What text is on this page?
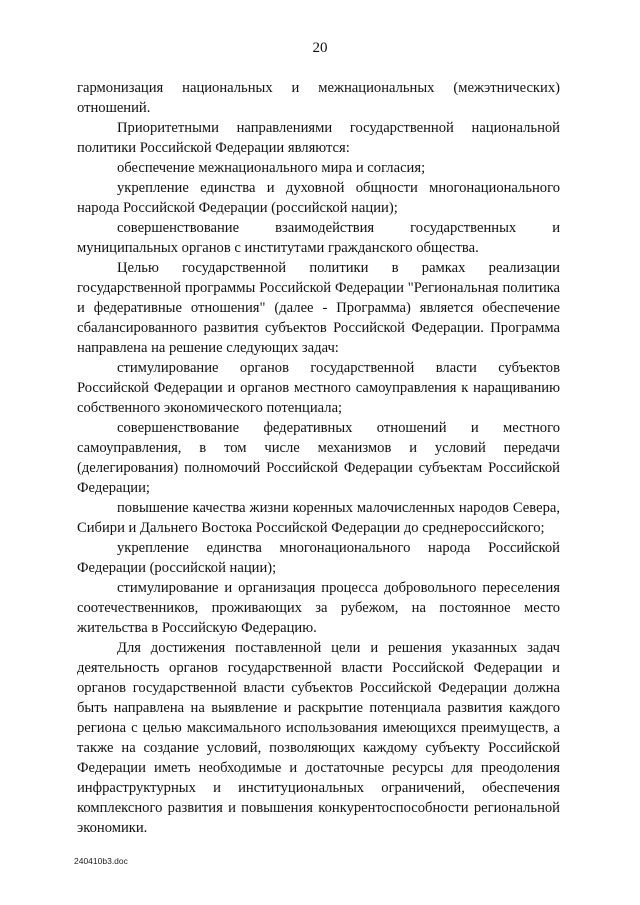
20

гармонизация национальных и межнациональных (межэтнических) отношений.

Приоритетными направлениями государственной национальной политики Российской Федерации являются:

обеспечение межнационального мира и согласия;

укрепление единства и духовной общности многонационального народа Российской Федерации (российской нации);

совершенствование взаимодействия государственных и муниципальных органов с институтами гражданского общества.

Целью государственной политики в рамках реализации государственной программы Российской Федерации "Региональная политика и федеративные отношения" (далее - Программа) является обеспечение сбалансированного развития субъектов Российской Федерации. Программа направлена на решение следующих задач:

стимулирование органов государственной власти субъектов Российской Федерации и органов местного самоуправления к наращиванию собственного экономического потенциала;

совершенствование федеративных отношений и местного самоуправления, в том числе механизмов и условий передачи (делегирования) полномочий Российской Федерации субъектам Российской Федерации;

повышение качества жизни коренных малочисленных народов Севера, Сибири и Дальнего Востока Российской Федерации до среднероссийского;

укрепление единства многонационального народа Российской Федерации (российской нации);

стимулирование и организация процесса добровольного переселения соотечественников, проживающих за рубежом, на постоянное место жительства в Российскую Федерацию.

Для достижения поставленной цели и решения указанных задач деятельность органов государственной власти Российской Федерации и органов государственной власти субъектов Российской Федерации должна быть направлена на выявление и раскрытие потенциала развития каждого региона с целью максимального использования имеющихся преимуществ, а также на создание условий, позволяющих каждому субъекту Российской Федерации иметь необходимые и достаточные ресурсы для преодоления инфраструктурных и институциональных ограничений, обеспечения комплексного развития и повышения конкурентоспособности региональной экономики.

240410b3.doc
